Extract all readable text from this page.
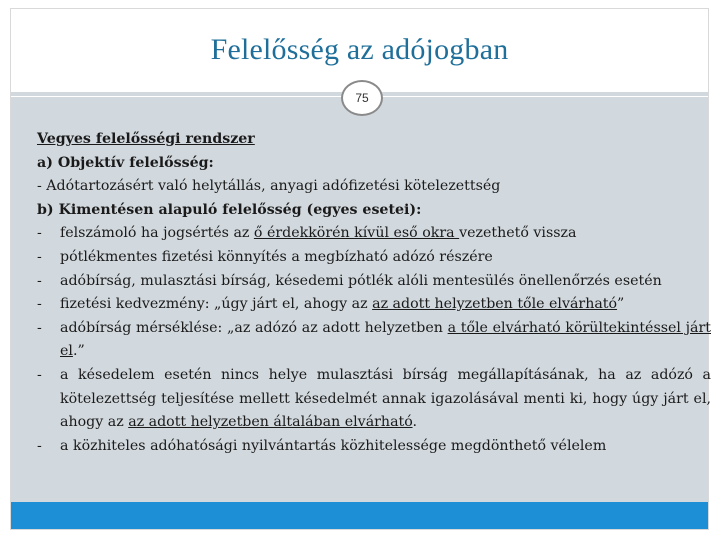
Felelősség az adójogban
75
Vegyes felelősségi rendszer
a) Objektív felelősség:
- Adótartozásért való helytállás, anyagi adófizetési kötelezettség
b) Kimentésen alapuló felelősség (egyes esetei):
- felszámoló ha jogsértés az ő érdekkörén kívül eső okra vezethető vissza
- pótlékmentes fizetési könnyítés a megbízható adózó részére
- adóbírság, mulasztási bírság, késedemi pótlék alóli mentesülés önellenőrzés esetén
- fizetési kedvezmény: „úgy járt el, ahogy az az adott helyzetben tőle elvárható”
- adóbírság mérséklése: „az adózó az adott helyzetben a tőle elvárható körültekintéssel járt el.”
- a késedelem esetén nincs helye mulasztási bírság megállapításának, ha az adózó a kötelezettség teljesítése mellett késedelmét annak igazolásával menti ki, hogy úgy járt el, ahogy az az adott helyzetben általában elvárható.
- a közhiteles adóhatósági nyilvántartás közhitelessége megdönthető vélelem
